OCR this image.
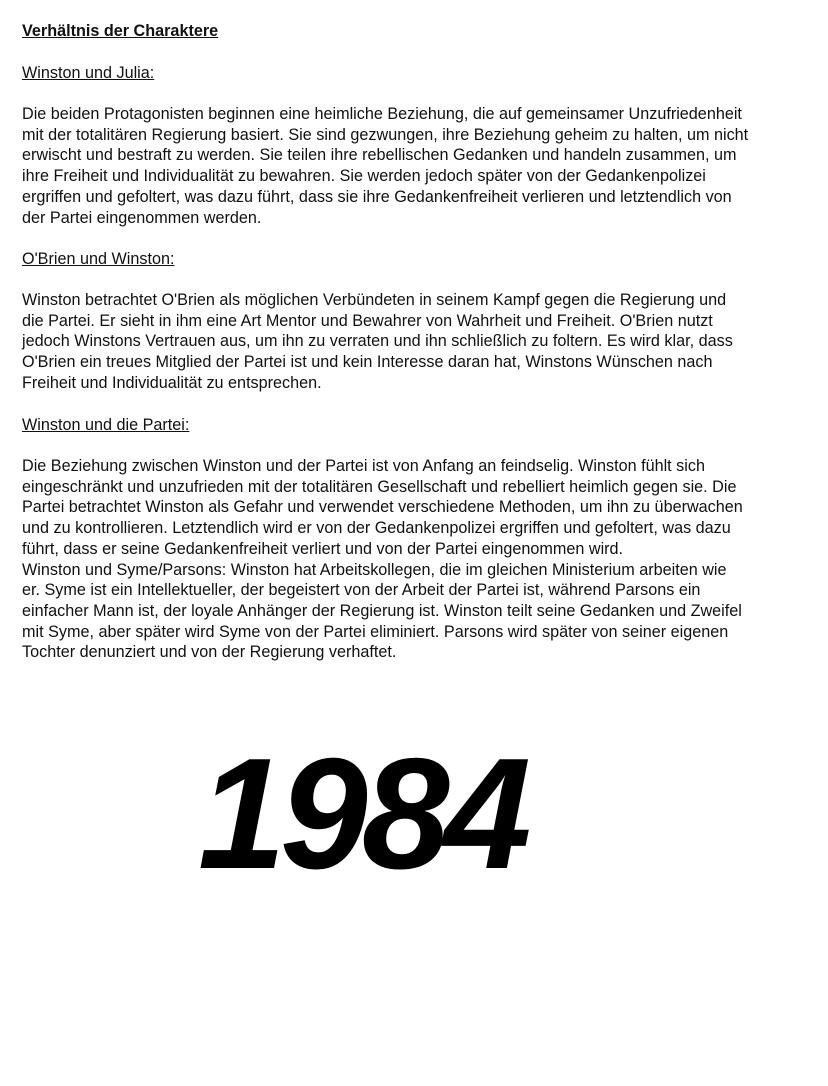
Verhältnis der Charaktere
Winston und Julia:
Die beiden Protagonisten beginnen eine heimliche Beziehung, die auf gemeinsamer Unzufriedenheit
mit der totalitären Regierung basiert. Sie sind gezwungen, ihre Beziehung geheim zu halten, um nicht
erwischt und bestraft zu werden. Sie teilen ihre rebellischen Gedanken und handeln zusammen, um
ihre Freiheit und Individualität zu bewahren. Sie werden jedoch später von der Gedankenpolizei
ergriffen und gefoltert, was dazu führt, dass sie ihre Gedankenfreiheit verlieren und letztendlich von
der Partei eingenommen werden.
O'Brien und Winston:
Winston betrachtet O'Brien als möglichen Verbündeten in seinem Kampf gegen die Regierung und
die Partei. Er sieht in ihm eine Art Mentor und Bewahrer von Wahrheit und Freiheit. O'Brien nutzt
jedoch Winstons Vertrauen aus, um ihn zu verraten und ihn schließlich zu foltern. Es wird klar, dass
O'Brien ein treues Mitglied der Partei ist und kein Interesse daran hat, Winstons Wünschen nach
Freiheit und Individualität zu entsprechen.
Winston und die Partei:
Die Beziehung zwischen Winston und der Partei ist von Anfang an feindselig. Winston fühlt sich
eingeschränkt und unzufrieden mit der totalitären Gesellschaft und rebelliert heimlich gegen sie. Die
Partei betrachtet Winston als Gefahr und verwendet verschiedene Methoden, um ihn zu überwachen
und zu kontrollieren. Letztendlich wird er von der Gedankenpolizei ergriffen und gefoltert, was dazu
führt, dass er seine Gedankenfreiheit verliert und von der Partei eingenommen wird.
Winston und Syme/Parsons: Winston hat Arbeitskollegen, die im gleichen Ministerium arbeiten wie
er. Syme ist ein Intellektueller, der begeistert von der Arbeit der Partei ist, während Parsons ein
einfacher Mann ist, der loyale Anhänger der Regierung ist. Winston teilt seine Gedanken und Zweifel
mit Syme, aber später wird Syme von der Partei eliminiert. Parsons wird später von seiner eigenen
Tochter denunziert und von der Regierung verhaftet.
1984
